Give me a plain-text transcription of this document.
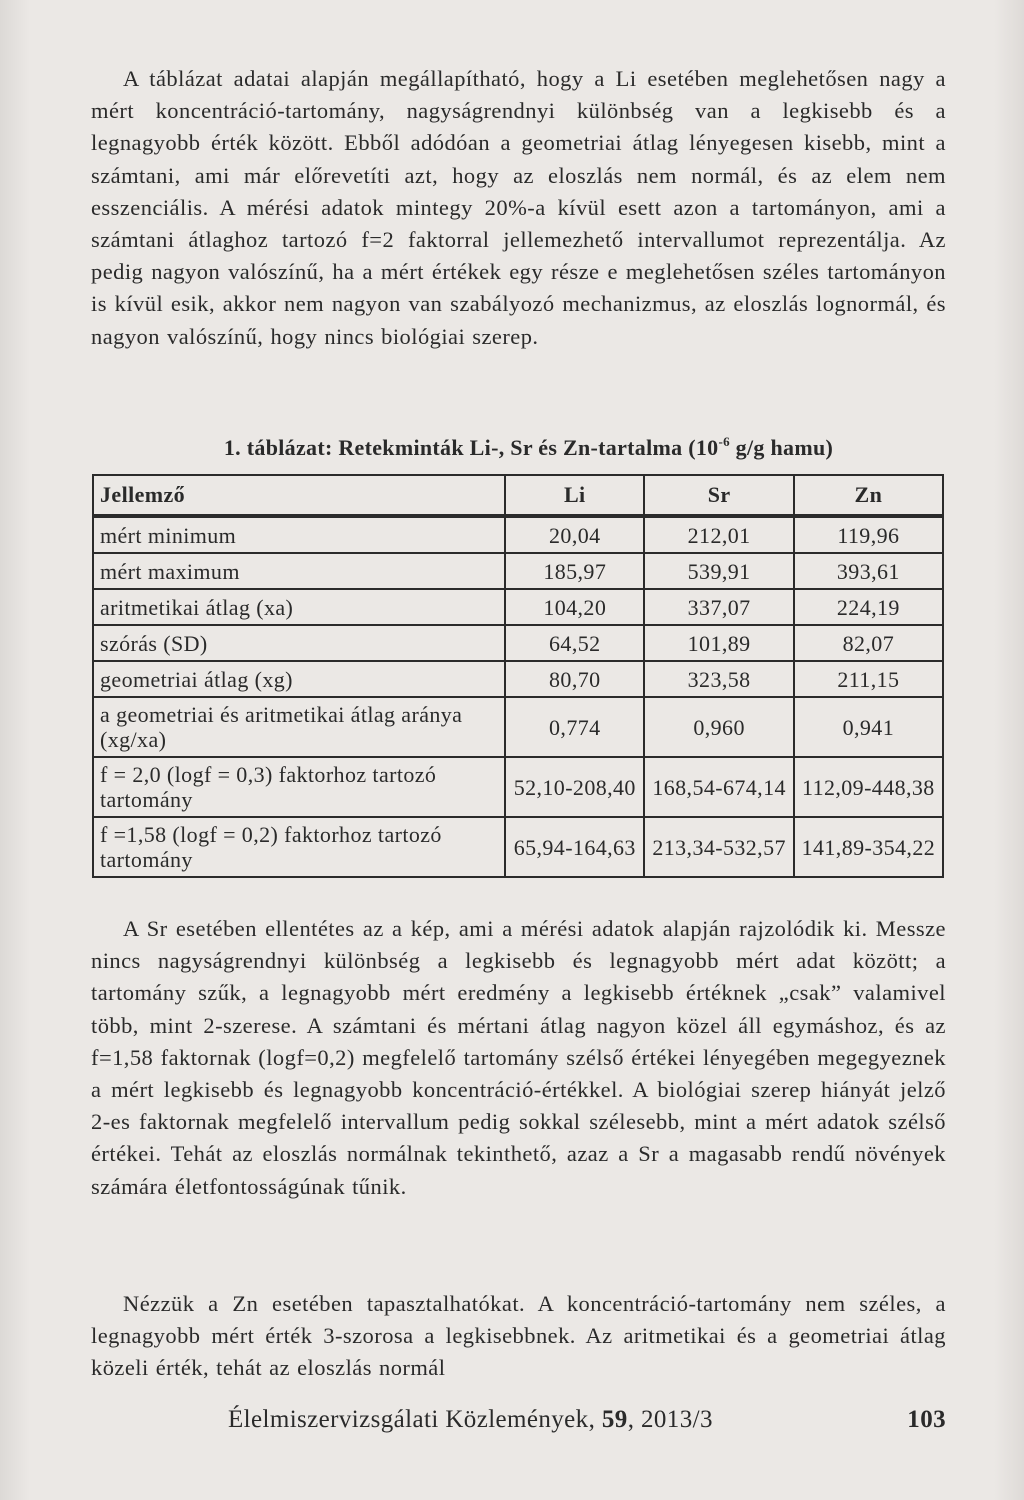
A táblázat adatai alapján megállapítható, hogy a Li esetében meglehetősen nagy a mért koncentráció-tartomány, nagyságrendnyi különbség van a legkisebb és a legnagyobb érték között. Ebből adódóan a geometriai átlag lényegesen kisebb, mint a számtani, ami már előrevetíti azt, hogy az eloszlás nem normál, és az elem nem esszenciális. A mérési adatok mintegy 20%-a kívül esett azon a tartományon, ami a számtani átlaghoz tartozó f=2 faktorral jellemezhető intervallumot reprezentálja. Az pedig nagyon valószínű, ha a mért értékek egy része e meglehetősen széles tartományon is kívül esik, akkor nem nagyon van szabályozó mechanizmus, az eloszlás lognormál, és nagyon valószínű, hogy nincs biológiai szerep.

1. táblázat: Retekminták Li-, Sr és Zn-tartalma ($10^{-6}$ g/g hamu)
Jellemző	Li	Sr	Zn
mért minimum	20,04	212,01	119,96
mért maximum	185,97	539,91	393,61
aritmetikai átlag (xa)	104,20	337,07	224,19
szórás (SD)	64,52	101,89	82,07
geometriai átlag (xg)	80,70	323,58	211,15
a geometriai és aritmetikai átlag aránya (xg/xa)	0,774	0,960	0,941
f = 2,0 (logf = 0,3) faktorhoz tartozó tartomány	52,10-208,40	168,54-674,14	112,09-448,38
f =1,58 (logf = 0,2) faktorhoz tartozó tartomány	65,94-164,63	213,34-532,57	141,89-354,22

A Sr esetében ellentétes az a kép, ami a mérési adatok alapján rajzolódik ki. Messze nincs nagyságrendnyi különbség a legkisebb és legnagyobb mért adat között; a tartomány szűk, a legnagyobb mért eredmény a legkisebb értéknek „csak” valamivel több, mint 2-szerese. A számtani és mértani átlag nagyon közel áll egymáshoz, és az f=1,58 faktornak (logf=0,2) megfelelő tartomány szélső értékei lényegében megegyeznek a mért legkisebb és legnagyobb koncentráció-értékkel. A biológiai szerep hiányát jelző 2-es faktornak megfelelő intervallum pedig sokkal szélesebb, mint a mért adatok szélső értékei. Tehát az eloszlás normálnak tekinthető, azaz a Sr a magasabb rendű növények számára életfontosságúnak tűnik.

Nézzük a Zn esetében tapasztalhatókat. A koncentráció-tartomány nem széles, a legnagyobb mért érték 3-szorosa a legkisebbnek. Az aritmetikai és a geometriai átlag közeli érték, tehát az eloszlás normál

Élelmiszervizsgálati Közlemények, 59, 2013/3	103
